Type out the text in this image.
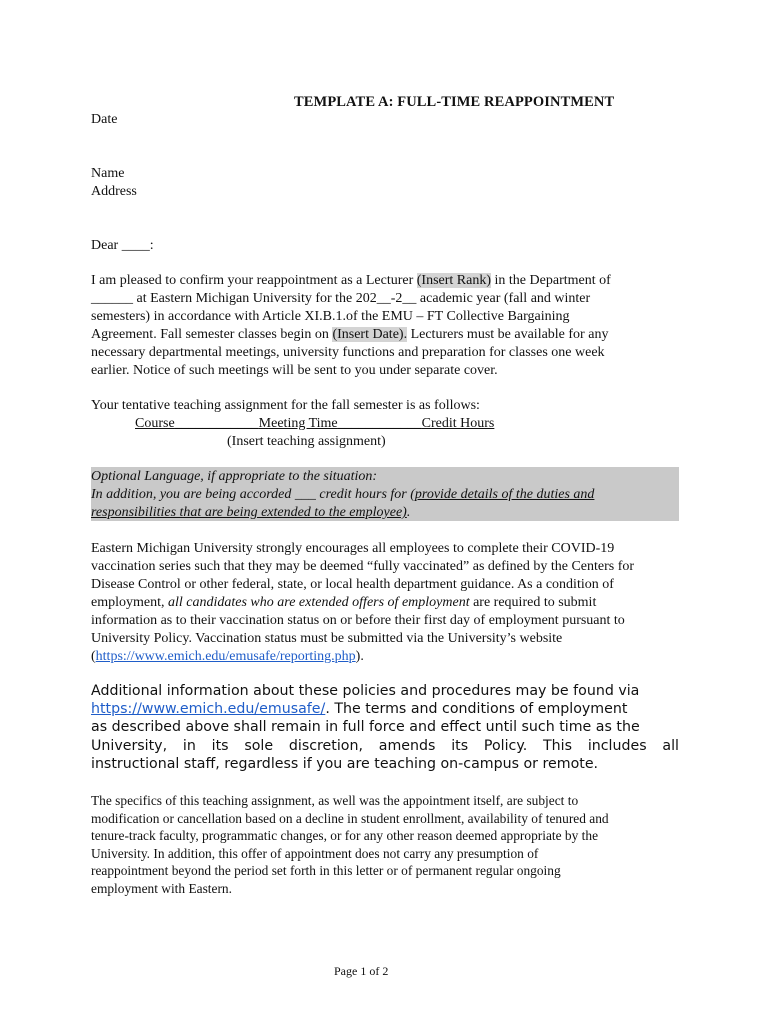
TEMPLATE A: FULL-TIME REAPPOINTMENT
Date
Name
Address
Dear ____:
I am pleased to confirm your reappointment as a Lecturer (Insert Rank) in the Department of
______ at Eastern Michigan University for the 202__-2__ academic year (fall and winter
semesters) in accordance with Article XI.B.1.of the EMU – FT Collective Bargaining
Agreement. Fall semester classes begin on (Insert Date). Lecturers must be available for any
necessary departmental meetings, university functions and preparation for classes one week
earlier. Notice of such meetings will be sent to you under separate cover.
Your tentative teaching assignment for the fall semester is as follows:
Course____________Meeting Time____________Credit Hours
(Insert teaching assignment)
Optional Language, if appropriate to the situation:
In addition, you are being accorded ___ credit hours for (provide details of the duties and
responsibilities that are being extended to the employee).
Eastern Michigan University strongly encourages all employees to complete their COVID-19
vaccination series such that they may be deemed “fully vaccinated” as defined by the Centers for
Disease Control or other federal, state, or local health department guidance. As a condition of
employment, all candidates who are extended offers of employment are required to submit
information as to their vaccination status on or before their first day of employment pursuant to
University Policy. Vaccination status must be submitted via the University’s website
(https://www.emich.edu/emusafe/reporting.php).
Additional information about these policies and procedures may be found via
https://www.emich.edu/emusafe/. The terms and conditions of employment
as described above shall remain in full force and effect until such time as the
University, in its sole discretion, amends its Policy. This includes all
instructional staff, regardless if you are teaching on-campus or remote.
The specifics of this teaching assignment, as well was the appointment itself, are subject to
modification or cancellation based on a decline in student enrollment, availability of tenured and
tenure-track faculty, programmatic changes, or for any other reason deemed appropriate by the
University. In addition, this offer of appointment does not carry any presumption of
reappointment beyond the period set forth in this letter or of permanent regular ongoing
employment with Eastern.
Page 1 of 2
